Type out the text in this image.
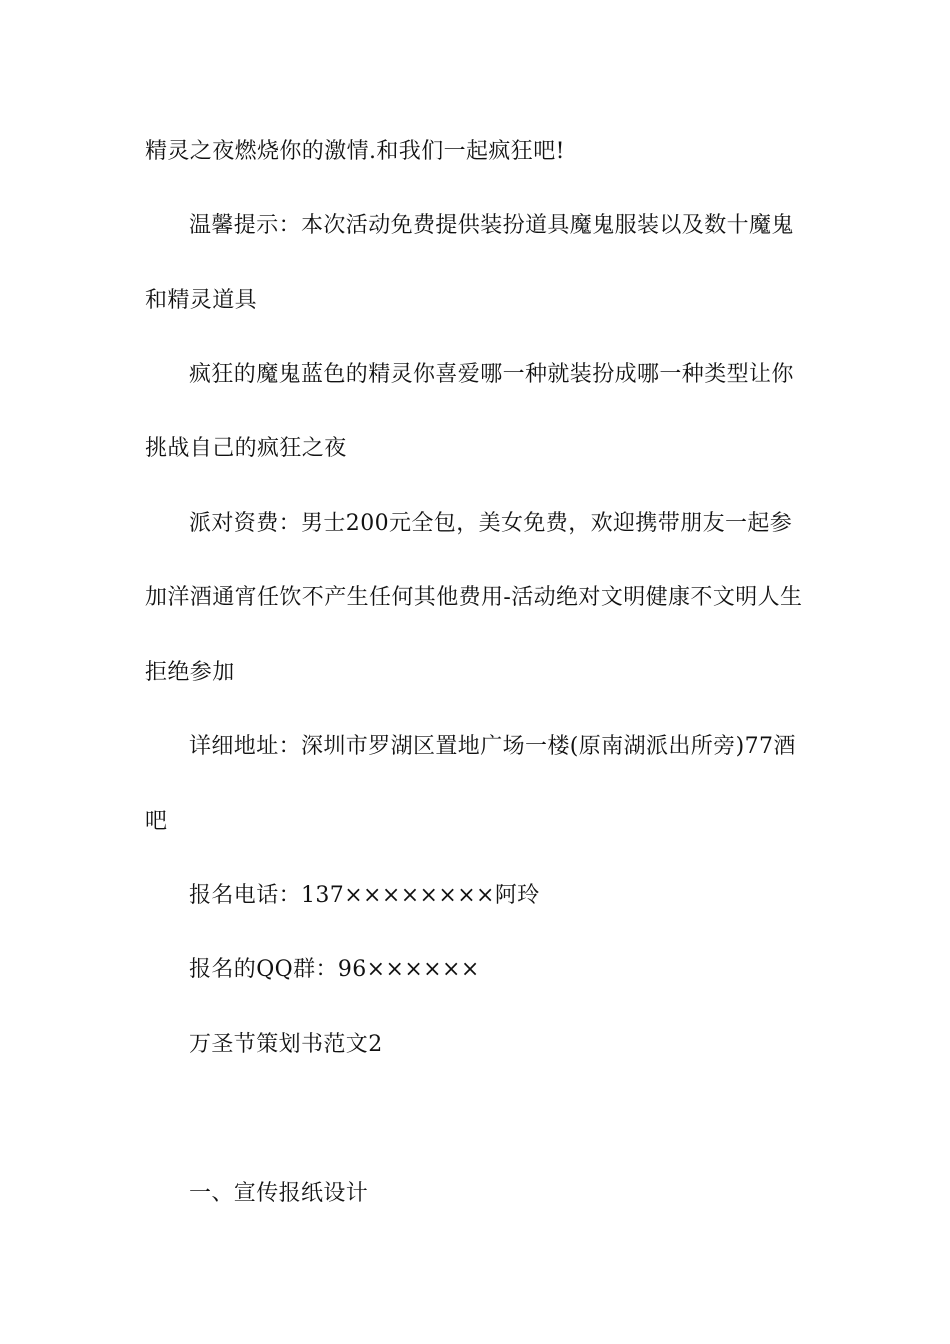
精灵之夜燃烧你的激情.和我们一起疯狂吧!

温馨提示：本次活动免费提供装扮道具魔鬼服装以及数十魔鬼

和精灵道具

疯狂的魔鬼蓝色的精灵你喜爱哪一种就装扮成哪一种类型让你

挑战自己的疯狂之夜

派对资费：男士200元全包，美女免费，欢迎携带朋友一起参

加洋酒通宵任饮不产生任何其他费用-活动绝对文明健康不文明人生

拒绝参加

详细地址：深圳市罗湖区置地广场一楼(原南湖派出所旁)77酒

吧

报名电话：137××××××××阿玲

报名的QQ群：96××××××

万圣节策划书范文2

一、宣传报纸设计
